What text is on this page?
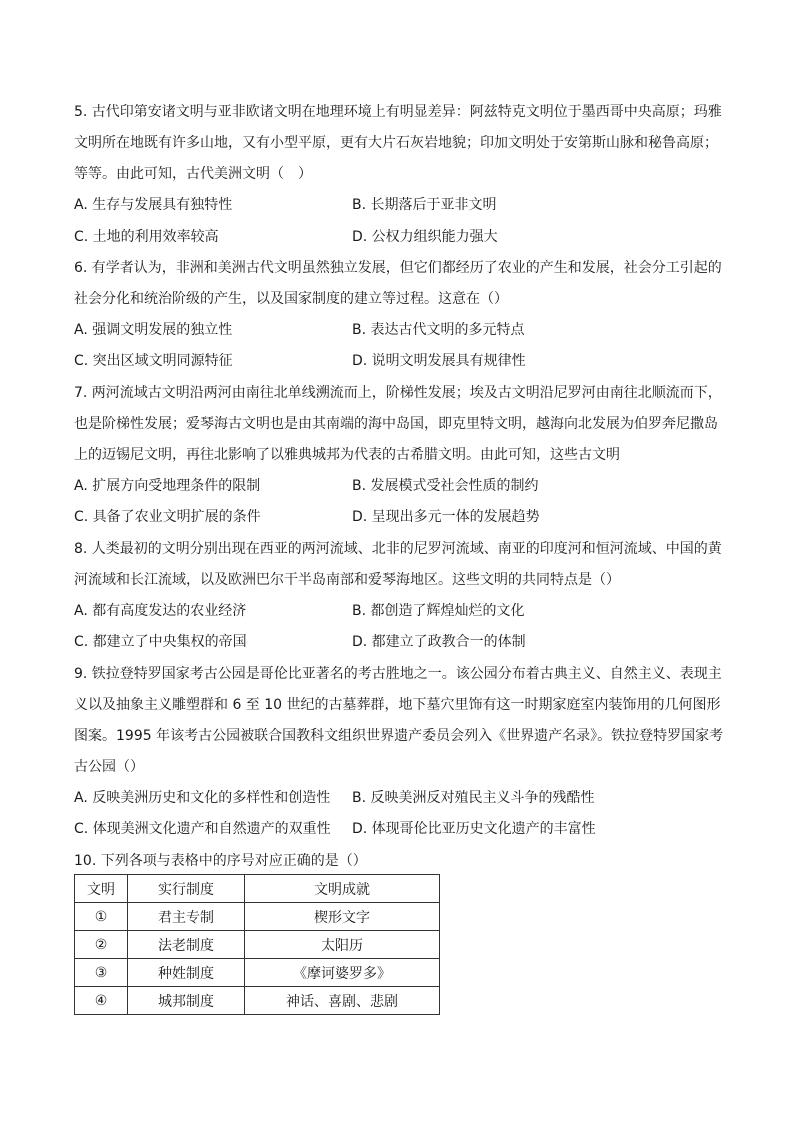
5. 古代印第安诸文明与亚非欧诸文明在地理环境上有明显差异：阿兹特克文明位于墨西哥中央高原；玛雅
文明所在地既有许多山地，又有小型平原，更有大片石灰岩地貌；印加文明处于安第斯山脉和秘鲁高原；
等等。由此可知，古代美洲文明（　）
A. 生存与发展具有独特性	B. 长期落后于亚非文明
C. 土地的利用效率较高	D. 公权力组织能力强大
6. 有学者认为，非洲和美洲古代文明虽然独立发展，但它们都经历了农业的产生和发展，社会分工引起的
社会分化和统治阶级的产生，以及国家制度的建立等过程。这意在（）
A. 强调文明发展的独立性	B. 表达古代文明的多元特点
C. 突出区域文明同源特征	D. 说明文明发展具有规律性
7. 两河流域古文明沿两河由南往北单线溯流而上，阶梯性发展；埃及古文明沿尼罗河由南往北顺流而下，
也是阶梯性发展；爱琴海古文明也是由其南端的海中岛国，即克里特文明，越海向北发展为伯罗奔尼撒岛
上的迈锡尼文明，再往北影响了以雅典城邦为代表的古希腊文明。由此可知，这些古文明
A. 扩展方向受地理条件的限制	B. 发展模式受社会性质的制约
C. 具备了农业文明扩展的条件	D. 呈现出多元一体的发展趋势
8. 人类最初的文明分别出现在西亚的两河流域、北非的尼罗河流域、南亚的印度河和恒河流域、中国的黄
河流域和长江流域，以及欧洲巴尔干半岛南部和爱琴海地区。这些文明的共同特点是（）
A. 都有高度发达的农业经济	B. 都创造了辉煌灿烂的文化
C. 都建立了中央集权的帝国	D. 都建立了政教合一的体制
9. 铁拉登特罗国家考古公园是哥伦比亚著名的考古胜地之一。该公园分布着古典主义、自然主义、表现主
义以及抽象主义雕塑群和 6 至 10 世纪的古墓葬群，地下墓穴里饰有这一时期家庭室内装饰用的几何图形
图案。1995 年该考古公园被联合国教科文组织世界遗产委员会列入《世界遗产名录》。铁拉登特罗国家考
古公园（）
A. 反映美洲历史和文化的多样性和创造性 B. 反映美洲反对殖民主义斗争的残酷性
C. 体现美洲文化遗产和自然遗产的双重性 D. 体现哥伦比亚历史文化遗产的丰富性
10. 下列各项与表格中的序号对应正确的是（）
文明	实行制度	文明成就
①	君主专制	楔形文字
②	法老制度	太阳历
③	种姓制度	《摩诃婆罗多》
④	城邦制度	神话、喜剧、悲剧
